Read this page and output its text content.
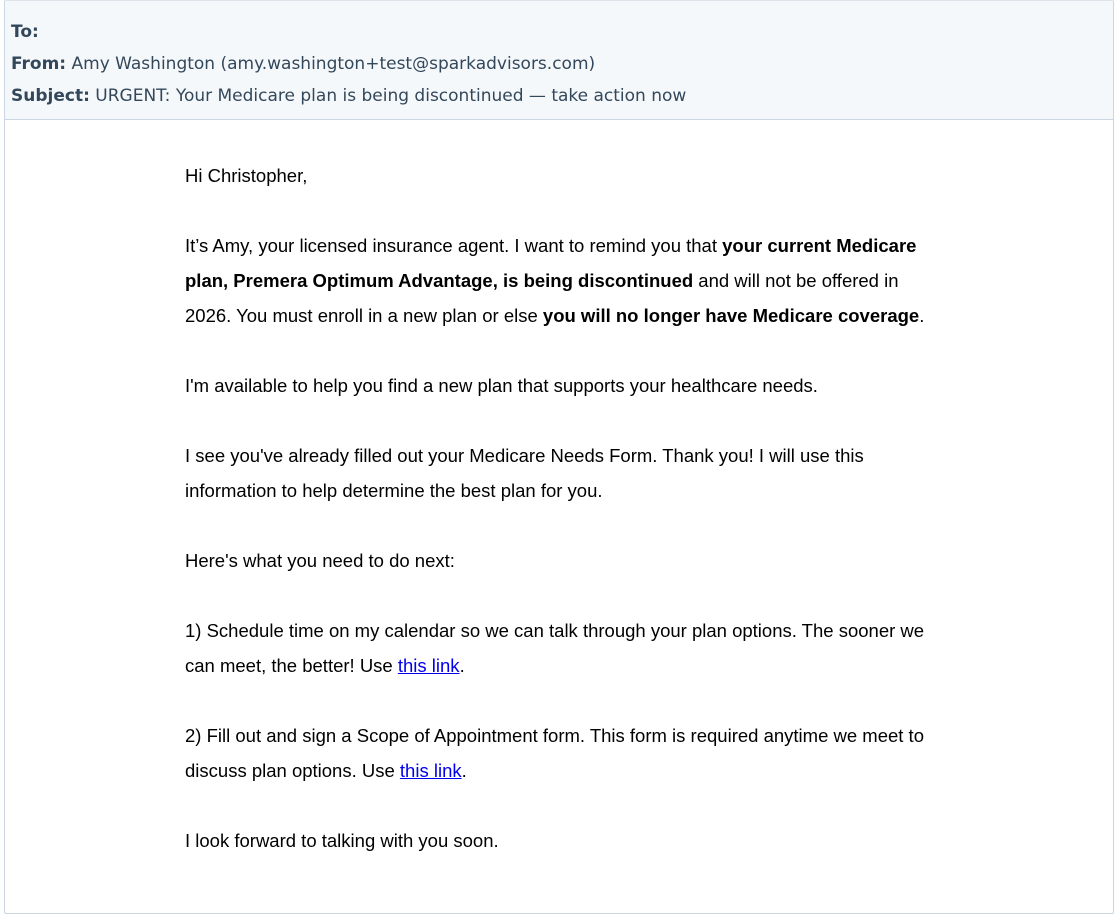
To:
From: Amy Washington (amy.washington+test@sparkadvisors.com)
Subject: URGENT: Your Medicare plan is being discontinued — take action now

Hi Christopher,

It’s Amy, your licensed insurance agent. I want to remind you that your current Medicare plan, Premera Optimum Advantage, is being discontinued and will not be offered in 2026. You must enroll in a new plan or else you will no longer have Medicare coverage.

I'm available to help you find a new plan that supports your healthcare needs.

I see you've already filled out your Medicare Needs Form. Thank you! I will use this information to help determine the best plan for you.

Here's what you need to do next:

1) Schedule time on my calendar so we can talk through your plan options. The sooner we can meet, the better! Use this link.

2) Fill out and sign a Scope of Appointment form. This form is required anytime we meet to discuss plan options. Use this link.

I look forward to talking with you soon.
